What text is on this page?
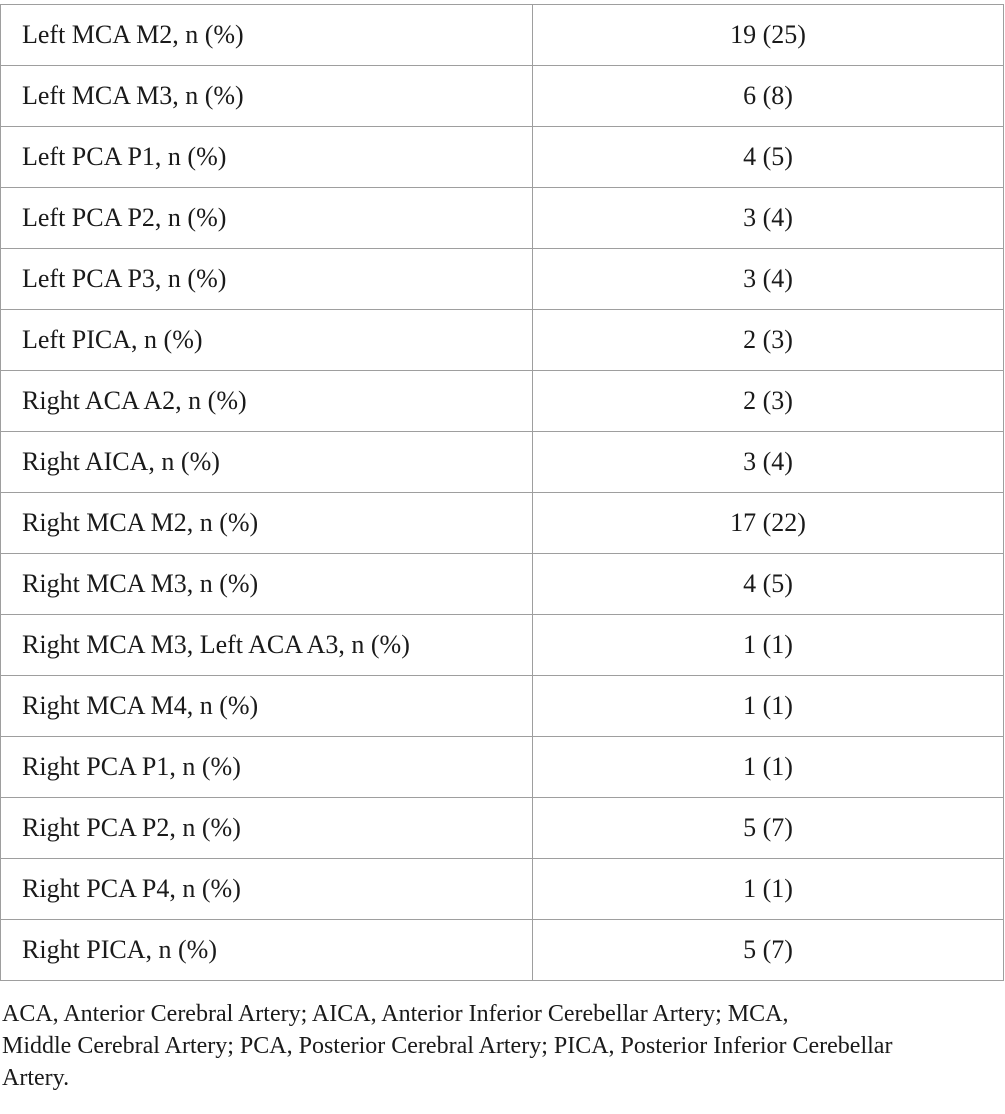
Left MCA M2, n (%)	19 (25)
Left MCA M3, n (%)	6 (8)
Left PCA P1, n (%)	4 (5)
Left PCA P2, n (%)	3 (4)
Left PCA P3, n (%)	3 (4)
Left PICA, n (%)	2 (3)
Right ACA A2, n (%)	2 (3)
Right AICA, n (%)	3 (4)
Right MCA M2, n (%)	17 (22)
Right MCA M3, n (%)	4 (5)
Right MCA M3, Left ACA A3, n (%)	1 (1)
Right MCA M4, n (%)	1 (1)
Right PCA P1, n (%)	1 (1)
Right PCA P2, n (%)	5 (7)
Right PCA P4, n (%)	1 (1)
Right PICA, n (%)	5 (7)

ACA, Anterior Cerebral Artery; AICA, Anterior Inferior Cerebellar Artery; MCA,
Middle Cerebral Artery; PCA, Posterior Cerebral Artery; PICA, Posterior Inferior Cerebellar
Artery.
